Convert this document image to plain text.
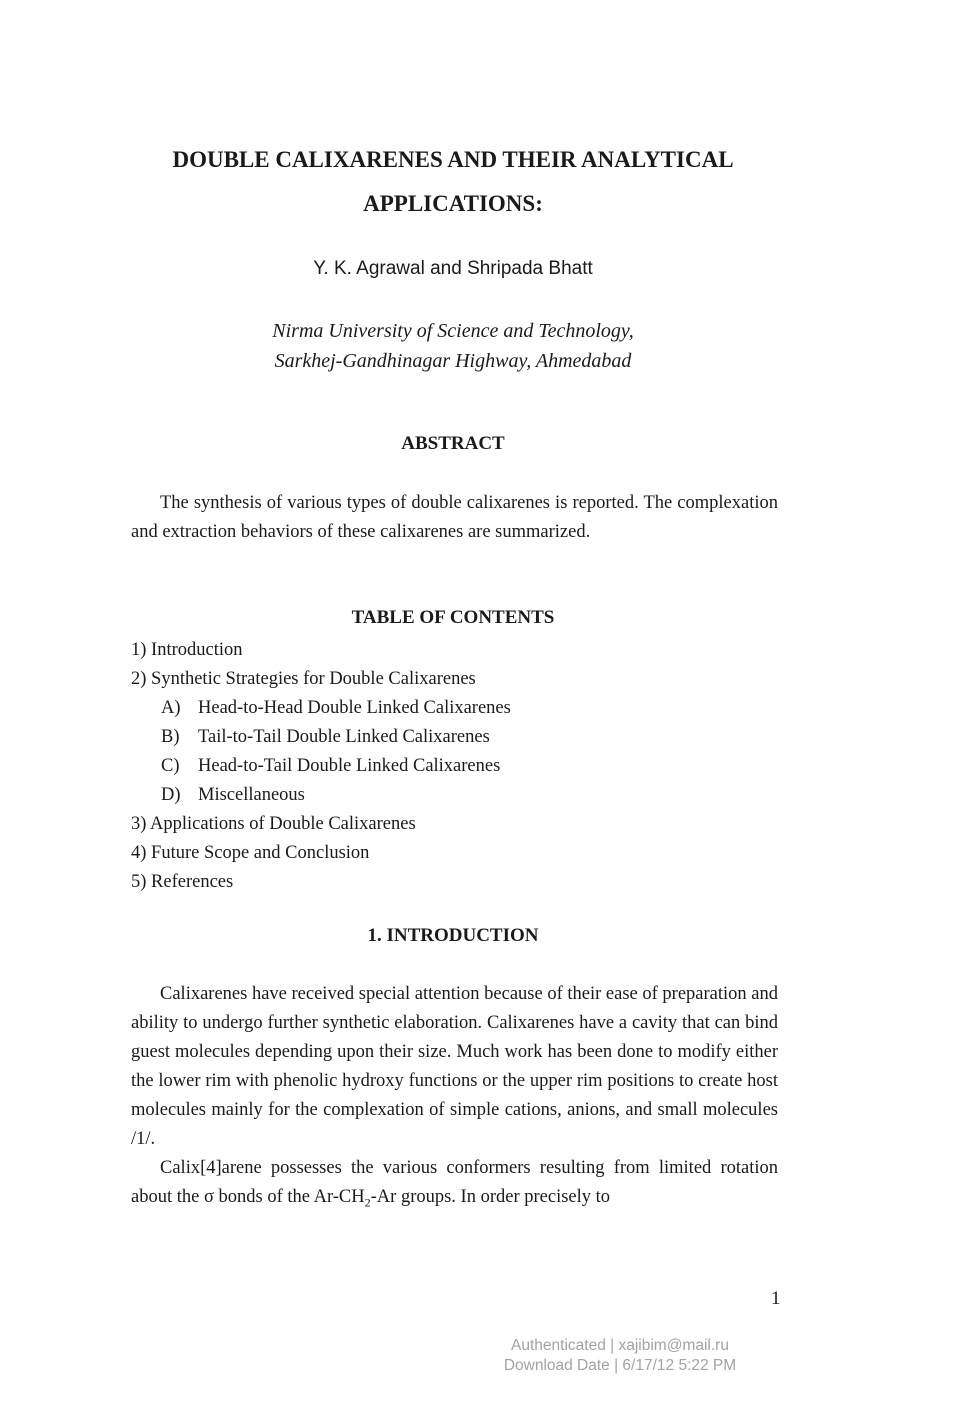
DOUBLE CALIXARENES AND THEIR ANALYTICAL
APPLICATIONS:
Y. K. Agrawal and Shripada Bhatt
Nirma University of Science and Technology,
Sarkhej-Gandhinagar Highway, Ahmedabad
ABSTRACT

The synthesis of various types of double calixarenes is reported. The complexation and extraction behaviors of these calixarenes are summarized.

TABLE OF CONTENTS
1) Introduction
2) Synthetic Strategies for Double Calixarenes
A) Head-to-Head Double Linked Calixarenes
B) Tail-to-Tail Double Linked Calixarenes
C) Head-to-Tail Double Linked Calixarenes
D) Miscellaneous
3) Applications of Double Calixarenes
4) Future Scope and Conclusion
5) References
1. INTRODUCTION

Calixarenes have received special attention because of their ease of preparation and ability to undergo further synthetic elaboration. Calixarenes have a cavity that can bind guest molecules depending upon their size. Much work has been done to modify either the lower rim with phenolic hydroxy functions or the upper rim positions to create host molecules mainly for the complexation of simple cations, anions, and small molecules /1/.

Calix[4]arene possesses the various conformers resulting from limited rotation about the σ bonds of the $Ar-CH_2-Ar$ groups. In order precisely to

1
Authenticated | xajibim@mail.ru
Download Date | 6/17/12 5:22 PM
